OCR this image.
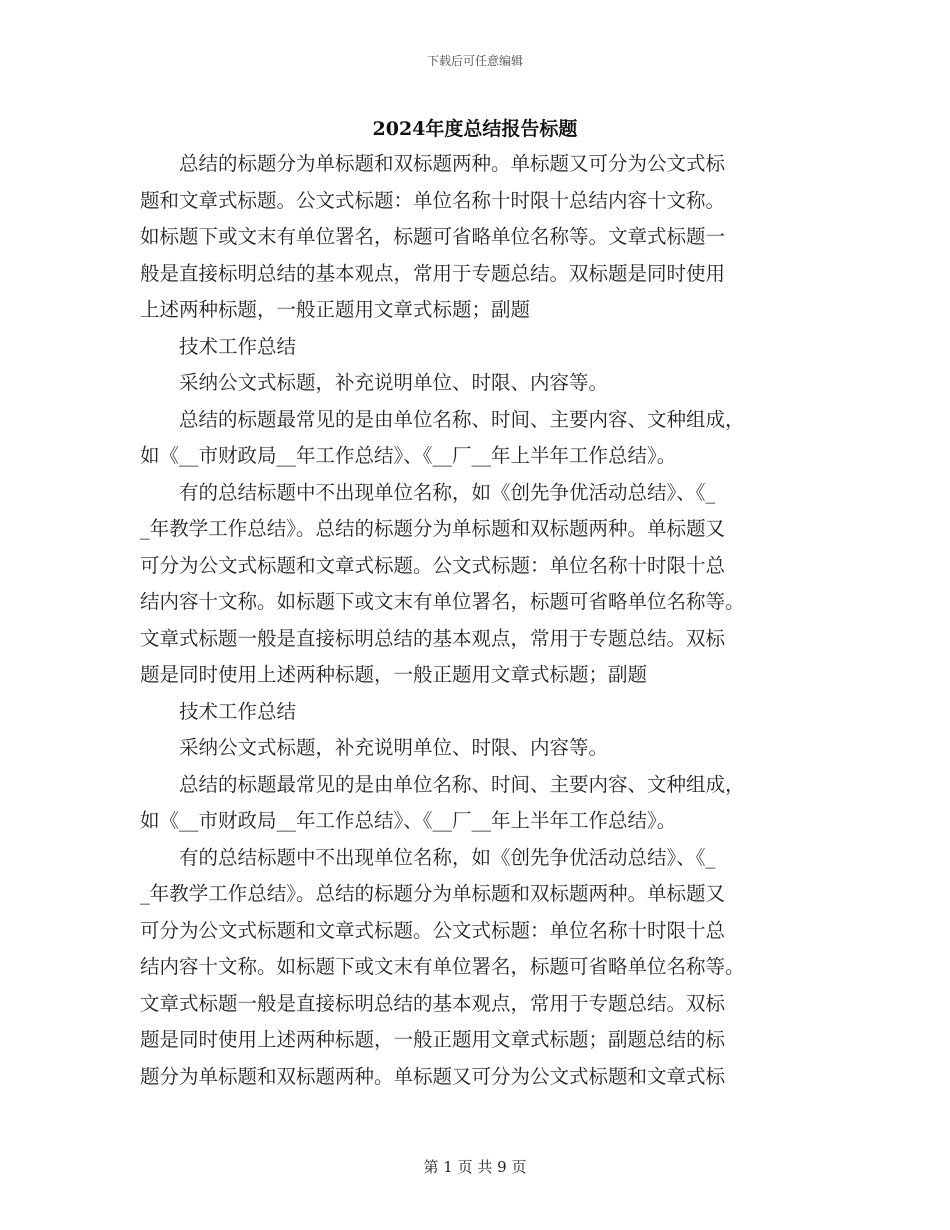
下载后可任意编辑
2024年度总结报告标题

　　总结的标题分为单标题和双标题两种。单标题又可分为公文式标

题和文章式标题。公文式标题：单位名称十时限十总结内容十文称。

如标题下或文末有单位署名，标题可省略单位名称等。文章式标题一

般是直接标明总结的基本观点，常用于专题总结。双标题是同时使用

上述两种标题，一般正题用文章式标题；副题

　　技术工作总结

　　采纳公文式标题，补充说明单位、时限、内容等。

　　总结的标题最常见的是由单位名称、时间、主要内容、文种组成，

如《__市财政局__年工作总结》、《__厂__年上半年工作总结》。

　　有的总结标题中不出现单位名称，如《创先争优活动总结》、《_

_年教学工作总结》。总结的标题分为单标题和双标题两种。单标题又

可分为公文式标题和文章式标题。公文式标题：单位名称十时限十总

结内容十文称。如标题下或文末有单位署名，标题可省略单位名称等。

文章式标题一般是直接标明总结的基本观点，常用于专题总结。双标

题是同时使用上述两种标题，一般正题用文章式标题；副题

　　技术工作总结

　　采纳公文式标题，补充说明单位、时限、内容等。

　　总结的标题最常见的是由单位名称、时间、主要内容、文种组成，

如《__市财政局__年工作总结》、《__厂__年上半年工作总结》。

　　有的总结标题中不出现单位名称，如《创先争优活动总结》、《_

_年教学工作总结》。总结的标题分为单标题和双标题两种。单标题又

可分为公文式标题和文章式标题。公文式标题：单位名称十时限十总

结内容十文称。如标题下或文末有单位署名，标题可省略单位名称等。

文章式标题一般是直接标明总结的基本观点，常用于专题总结。双标

题是同时使用上述两种标题，一般正题用文章式标题；副题总结的标

题分为单标题和双标题两种。单标题又可分为公文式标题和文章式标

第 1 页 共 9 页
